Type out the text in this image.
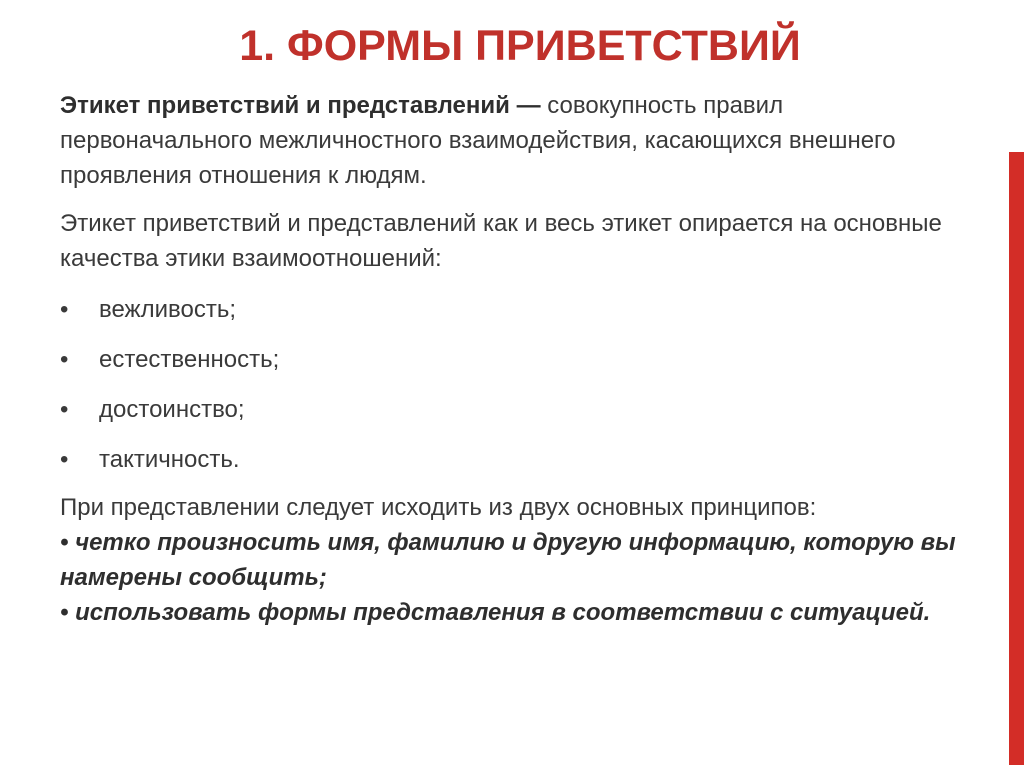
1. ФОРМЫ ПРИВЕТСТВИЙ

Этикет приветствий и представлений — совокупность правил первоначального межличностного взаимодействия, касающихся внешнего проявления отношения к людям.

Этикет приветствий и представлений как и весь этикет опирается на основные качества этики взаимоотношений:

• вежливость;
• естественность;
• достоинство;
• тактичность.
При представлении следует исходить из двух основных принципов:
• четко произносить имя, фамилию и другую информацию, которую вы намерены сообщить;
• использовать формы представления в соответствии с ситуацией.
